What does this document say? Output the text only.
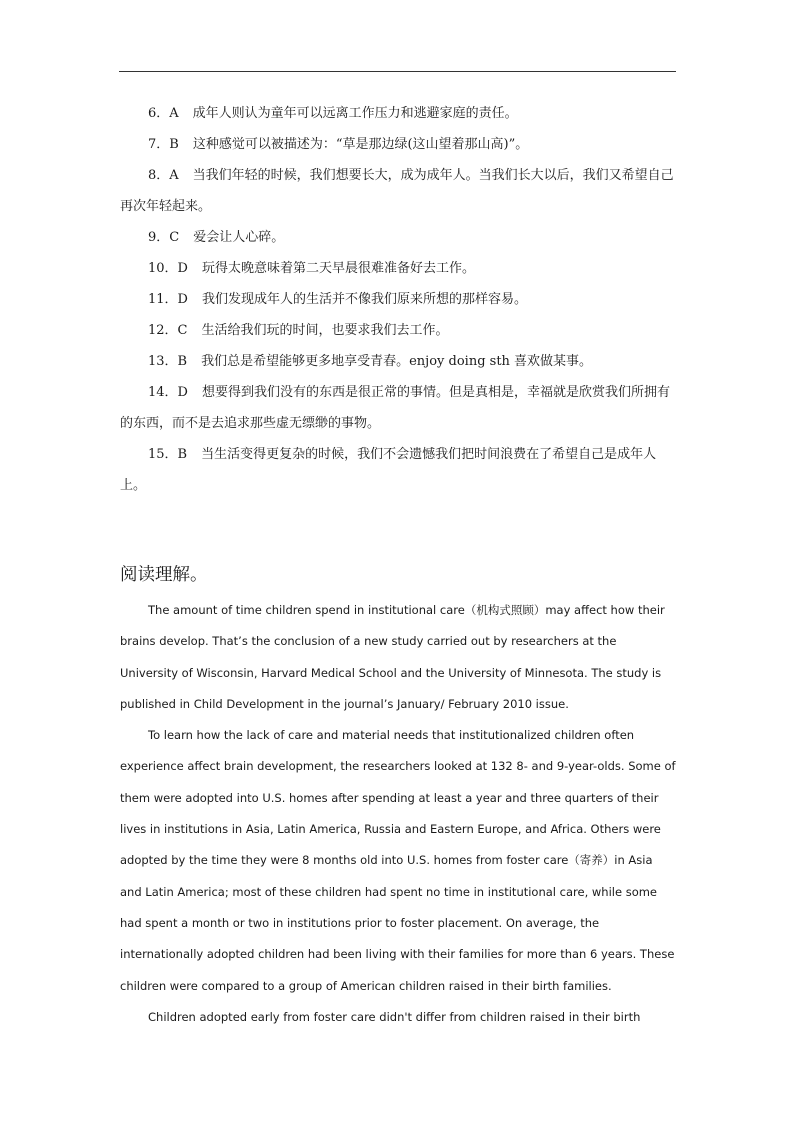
6．A 成年人则认为童年可以远离工作压力和逃避家庭的责任。

7．B 这种感觉可以被描述为：“草是那边绿(这山望着那山高)”。

8．A 当我们年轻的时候，我们想要长大，成为成年人。当我们长大以后，我们又希望自己再次年轻起来。

9．C 爱会让人心碎。

10．D 玩得太晚意味着第二天早晨很难准备好去工作。

11．D 我们发现成年人的生活并不像我们原来所想的那样容易。

12．C 生活给我们玩的时间，也要求我们去工作。

13．B 我们总是希望能够更多地享受青春。enjoy doing sth 喜欢做某事。

14．D 想要得到我们没有的东西是很正常的事情。但是真相是，幸福就是欣赏我们所拥有的东西，而不是去追求那些虚无缥缈的事物。

15．B 当生活变得更复杂的时候，我们不会遗憾我们把时间浪费在了希望自己是成年人上。

阅读理解。

The amount of time children spend in institutional care（机构式照顾）may affect how their brains develop. That’s the conclusion of a new study carried out by researchers at the University of Wisconsin, Harvard Medical School and the University of Minnesota. The study is published in Child Development in the journal’s January/ February 2010 issue.

To learn how the lack of care and material needs that institutionalized children often experience affect brain development, the researchers looked at 132 8- and 9-year-olds. Some of them were adopted into U.S. homes after spending at least a year and three quarters of their lives in institutions in Asia, Latin America, Russia and Eastern Europe, and Africa. Others were adopted by the time they were 8 months old into U.S. homes from foster care（寄养）in Asia and Latin America; most of these children had spent no time in institutional care, while some had spent a month or two in institutions prior to foster placement. On average, the internationally adopted children had been living with their families for more than 6 years. These children were compared to a group of American children raised in their birth families.

Children adopted early from foster care didn't differ from children raised in their birth
